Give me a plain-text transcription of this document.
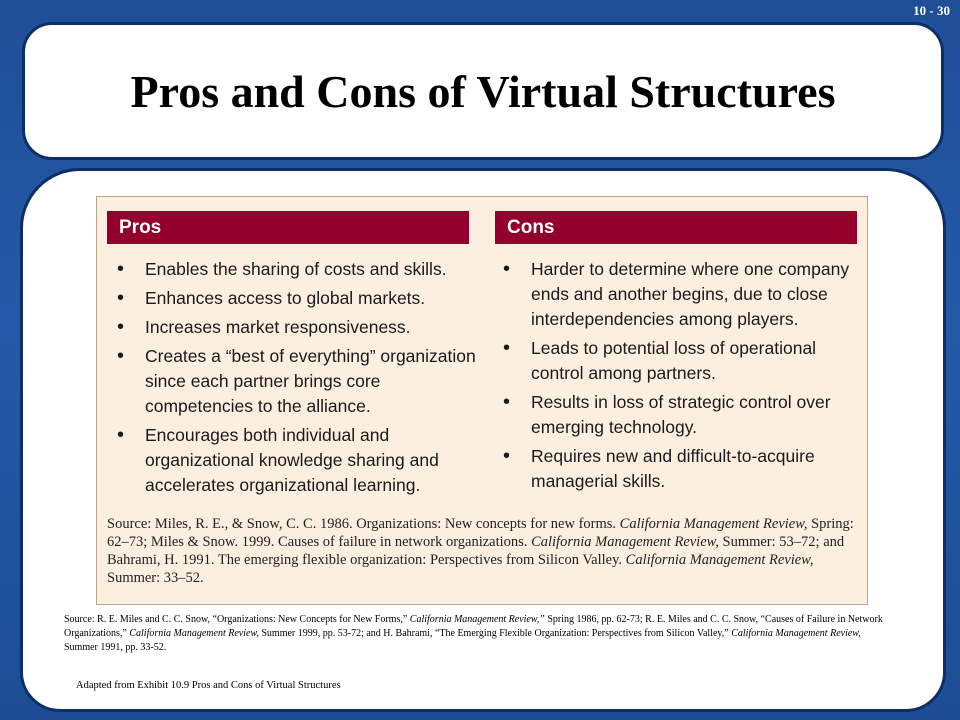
10 - 30
Pros and Cons of Virtual Structures
Pros	Cons
• Enables the sharing of costs and skills.
• Enhances access to global markets.
• Increases market responsiveness.
• Creates a “best of everything” organization since each partner brings core competencies to the alliance.
• Encourages both individual and organizational knowledge sharing and accelerates organizational learning.
• Harder to determine where one company ends and another begins, due to close interdependencies among players.
• Leads to potential loss of operational control among partners.
• Results in loss of strategic control over emerging technology.
• Requires new and difficult-to-acquire managerial skills.
Source: Miles, R. E., & Snow, C. C. 1986. Organizations: New concepts for new forms. California Management Review, Spring: 62–73; Miles & Snow. 1999. Causes of failure in network organizations. California Management Review, Summer: 53–72; and Bahrami, H. 1991. The emerging flexible organization: Perspectives from Silicon Valley. California Management Review, Summer: 33–52.
Source: R. E. Miles and C. C. Snow, “Organizations: New Concepts for New Forms,” California Management Review,” Spring 1986, pp. 62-73; R. E. Miles and C. C. Snow, “Causes of Failure in Network Organizations,” California Management Review, Summer 1999, pp. 53-72; and H. Bahrami, “The Emerging Flexible Organization: Perspectives from Silicon Valley,” California Management Review, Summer 1991, pp. 33-52.
Adapted from Exhibit 10.9 Pros and Cons of Virtual Structures
